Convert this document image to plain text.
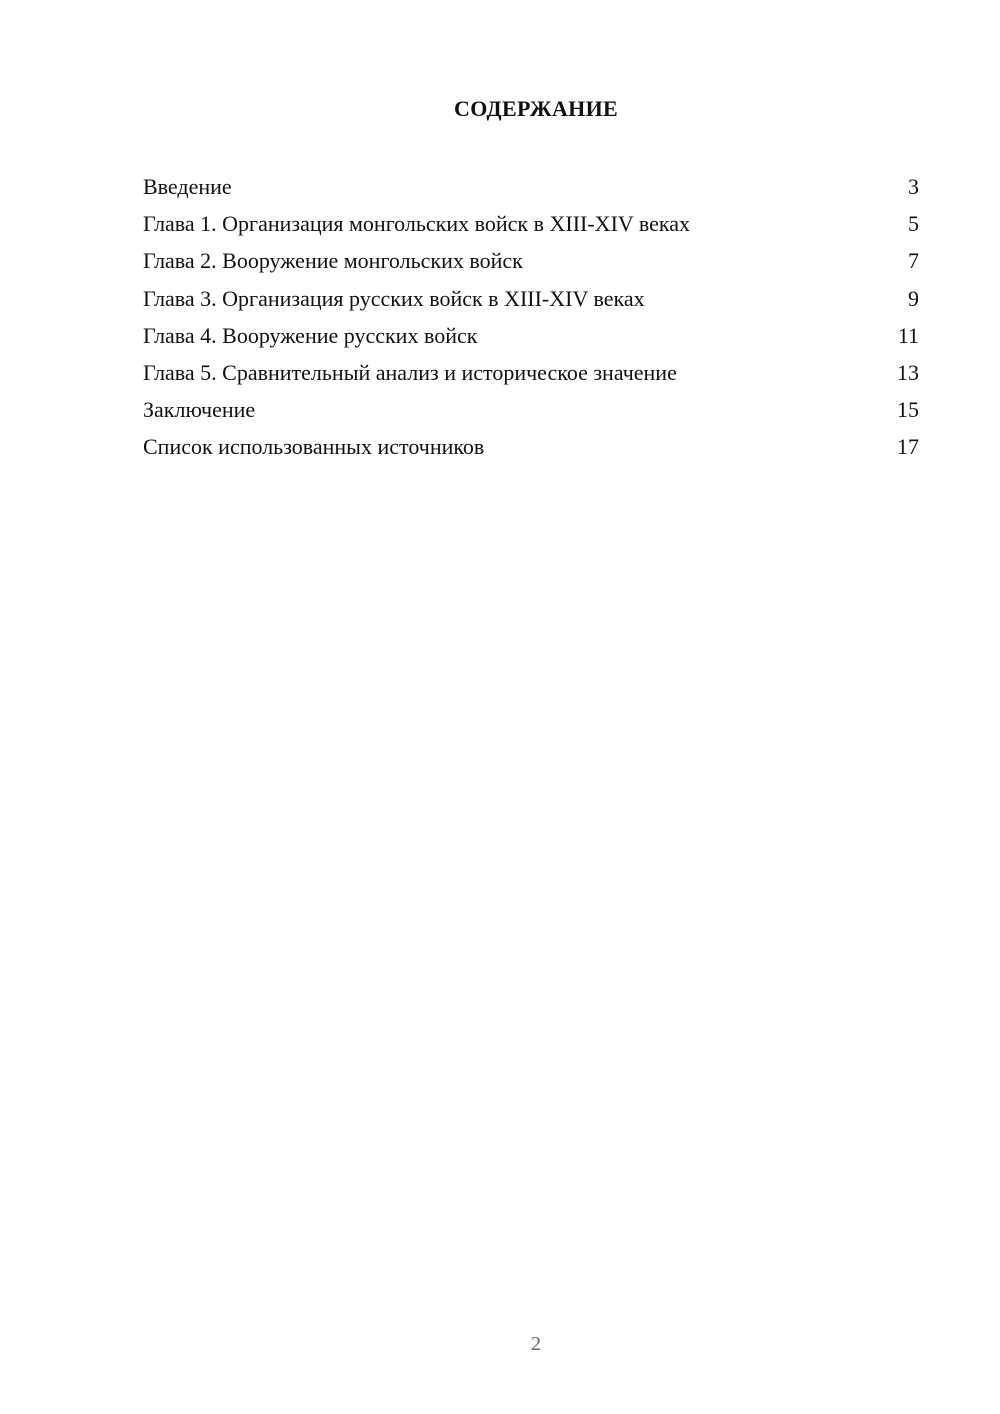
СОДЕРЖАНИЕ
Введение	3
Глава 1. Организация монгольских войск в XIII-XIV веках	5
Глава 2. Вооружение монгольских войск	7
Глава 3. Организация русских войск в XIII-XIV веках	9
Глава 4. Вооружение русских войск	11
Глава 5. Сравнительный анализ и историческое значение	13
Заключение	15
Список использованных источников	17
2
